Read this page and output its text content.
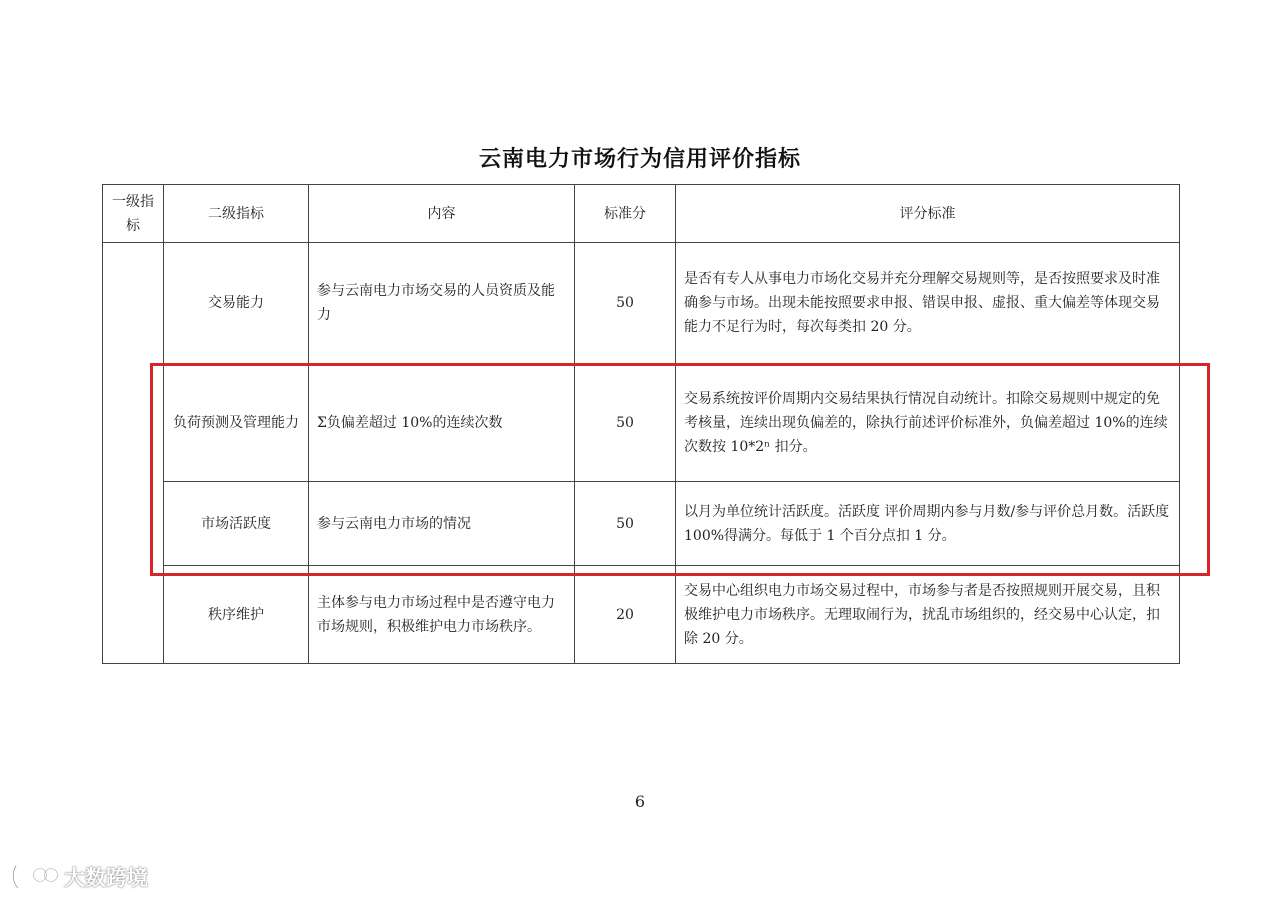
云南电力市场行为信用评价指标
一级指标	二级指标	内容	标准分	评分标准
	交易能力	参与云南电力市场交易的人员资质及能力	50	是否有专人从事电力市场化交易并充分理解交易规则等，是否按照要求及时准确参与市场。出现未能按照要求申报、错误申报、虚报、重大偏差等体现交易能力不足行为时，每次每类扣 20 分。
	负荷预测及管理能力	Σ负偏差超过 10%的连续次数	50	交易系统按评价周期内交易结果执行情况自动统计。扣除交易规则中规定的免考核量，连续出现负偏差的，除执行前述评价标准外，负偏差超过 10%的连续次数按 10*2ⁿ 扣分。
	市场活跃度	参与云南电力市场的情况	50	以月为单位统计活跃度。活跃度 评价周期内参与月数/参与评价总月数。活跃度 100%得满分。每低于 1 个百分点扣 1 分。
	秩序维护	主体参与电力市场过程中是否遵守电力市场规则，积极维护电力市场秩序。	20	交易中心组织电力市场交易过程中，市场参与者是否按照规则开展交易，且积极维护电力市场秩序。无理取闹行为，扰乱市场组织的，经交易中心认定，扣除 20 分。
6
大数跨境
